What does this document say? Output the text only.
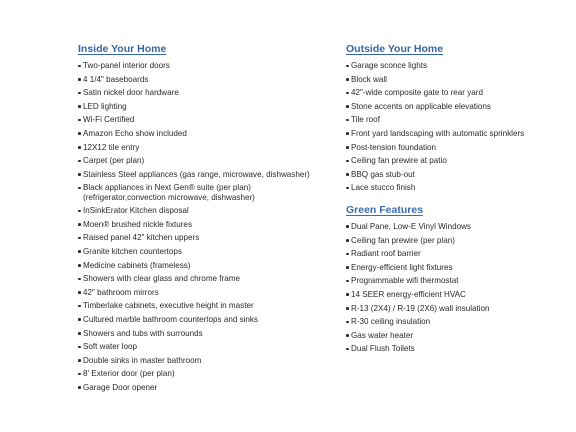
Inside Your Home
Two-panel interior doors
4 1/4" baseboards
Satin nickel door hardware
LED lighting
Wi-Fi Certified
Amazon Echo show included
12X12 tile entry
Carpet (per plan)
Stainless Steel appliances (gas range, microwave, dishwasher)
Black appliances in Next Gen® suite (per plan)(refrigerator,convection microwave, dishwasher)
InSinkErator Kitchen disposal
Moen® brushed nickle fixtures
Raised panel 42" kitchen uppers
Granite kitchen countertops
Medicine cabinets (frameless)
Showers with clear glass and chrome frame
42" bathroom mirrors
Timberlake cabinets, executive height in master
Cultured marble bathroom countertops and sinks
Showers and tubs with surrounds
Soft water loop
Double sinks in master bathroom
8' Exterior door (per plan)
Garage Door opener
Outside Your Home
Garage sconce lights
Block wall
42"-wide composite gate to rear yard
Stone accents on applicable elevations
Tile roof
Front yard landscaping with automatic sprinklers
Post-tension foundation
Ceiling fan prewire at patio
BBQ gas stub-out
Lace stucco finish
Green Features
Dual Pane, Low-E Vinyl Windows
Ceiling fan prewire (per plan)
Radiant roof barrier
Energy-efficient light fixtures
Programmable wifi thermostat
14 SEER energy-efficient HVAC
R-13 (2X4) / R-19 (2X6) wall insulation
R-30 ceiling insulation
Gas water heater
Dual Flush Toilets
